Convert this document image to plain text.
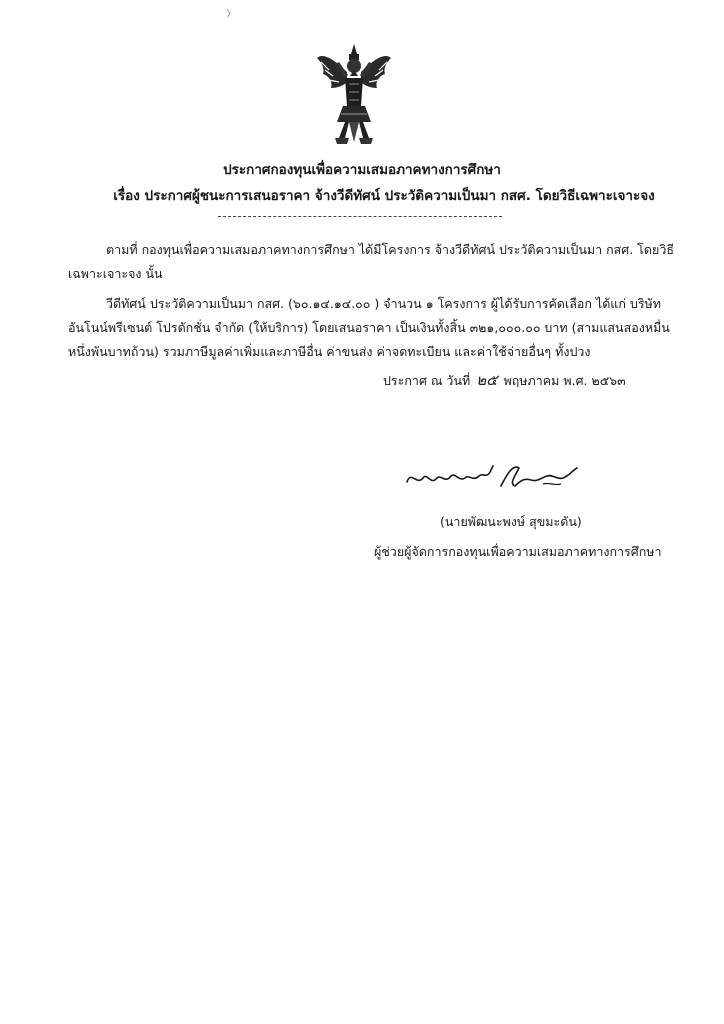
ประกาศกองทุนเพื่อความเสมอภาคทางการศึกษา
เรื่อง ประกาศผู้ชนะการเสนอราคา จ้างวีดีทัศน์ ประวัติความเป็นมา กสศ. โดยวิธีเฉพาะเจาะจง
ตามที่ กองทุนเพื่อความเสมอภาคทางการศึกษา ได้มีโครงการ จ้างวีดีทัศน์ ประวัติความเป็นมา กสศ. โดยวิธี
เฉพาะเจาะจง นั้น
วีดีทัศน์ ประวัติความเป็นมา กสศ. (๖๐.๑๔.๑๔.๐๐ ) จำนวน ๑ โครงการ ผู้ได้รับการคัดเลือก ได้แก่ บริษัท
อันโนน์พรีเซนต์ โปรดักชั่น จำกัด (ให้บริการ) โดยเสนอราคา เป็นเงินทั้งสิ้น ๓๒๑,๐๐๐.๐๐ บาท (สามแสนสองหมื่น
หนึ่งพันบาทถ้วน) รวมภาษีมูลค่าเพิ่มและภาษีอื่น ค่าขนส่ง ค่าจดทะเบียน และค่าใช้จ่ายอื่นๆ ทั้งปวง
ประกาศ ณ วันที่ ๒๕ พฤษภาคม พ.ศ. ๒๕๖๓
(นายพัฒนะพงษ์ สุขมะดัน)
ผู้ช่วยผู้จัดการกองทุนเพื่อความเสมอภาคทางการศึกษา
